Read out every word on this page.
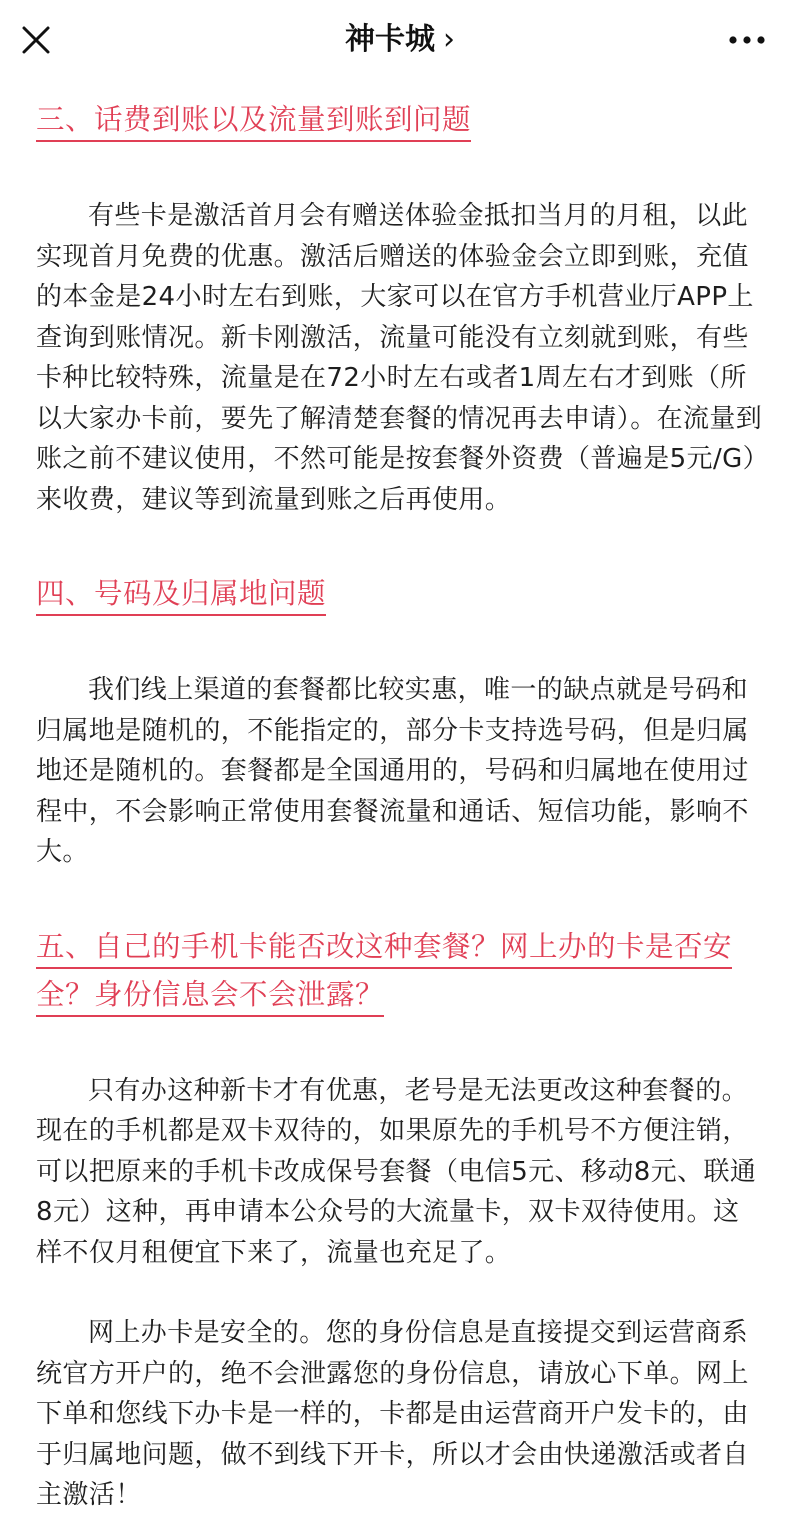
神卡城 ›

三、话费到账以及流量到账到问题

有些卡是激活首月会有赠送体验金抵扣当月的月租，以此实现首月免费的优惠。激活后赠送的体验金会立即到账，充值的本金是24小时左右到账，大家可以在官方手机营业厅APP上查询到账情况。新卡刚激活，流量可能没有立刻就到账，有些卡种比较特殊，流量是在72小时左右或者1周左右才到账（所以大家办卡前，要先了解清楚套餐的情况再去申请）。在流量到账之前不建议使用，不然可能是按套餐外资费（普遍是5元/G）来收费，建议等到流量到账之后再使用。

四、号码及归属地问题

我们线上渠道的套餐都比较实惠，唯一的缺点就是号码和归属地是随机的，不能指定的，部分卡支持选号码，但是归属地还是随机的。套餐都是全国通用的，号码和归属地在使用过程中，不会影响正常使用套餐流量和通话、短信功能，影响不大。

五、自己的手机卡能否改这种套餐？网上办的卡是否安全？身份信息会不会泄露？

只有办这种新卡才有优惠，老号是无法更改这种套餐的。现在的手机都是双卡双待的，如果原先的手机号不方便注销，可以把原来的手机卡改成保号套餐（电信5元、移动8元、联通8元）这种，再申请本公众号的大流量卡，双卡双待使用。这样不仅月租便宜下来了，流量也充足了。

网上办卡是安全的。您的身份信息是直接提交到运营商系统官方开户的，绝不会泄露您的身份信息，请放心下单。网上下单和您线下办卡是一样的，卡都是由运营商开户发卡的，由于归属地问题，做不到线下开卡，所以才会由快递激活或者自主激活！
